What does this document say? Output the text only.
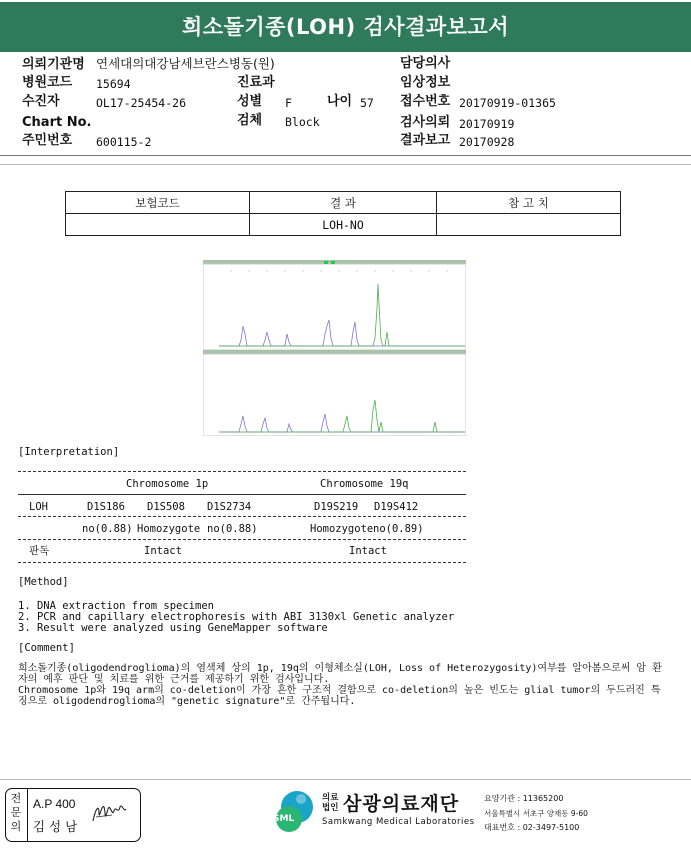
희소돌기종(LOH) 검사결과보고서
의뢰기관명 연세대의대강남세브란스병동(원)
병원코드 15694
수진자	OL17-25454-26
Chart No.
주민번호 600115-2
진료과
성별 F	나이 57
검체 Block
담당의사
임상정보
접수번호 20170919-01365
검사의뢰 20170919
결과보고 20170928
보험코드	결 과	참 고 치
	LOH-NO	
[Interpretation]
Chromosome 1p	Chromosome 19q
LOH	D1S186 D1S508 D1S2734	D19S219 D19S412
no(0.88) Homozygote no(0.88)	Homozygote no(0.89)
판독	Intact	Intact
[Method]
1. DNA extraction from specimen
2. PCR and capillary electrophoresis with ABI 3130xl Genetic analyzer
3. Result were analyzed using GeneMapper software
[Comment]
희소돌기종(oligodendroglioma)의 염색체 상의 1p, 19q의 이형체소실(LOH, Loss of Heterozygosity)여부를 알아봄으로써 암 환
자의 예후 판단 및 치료를 위한 근거를 제공하기 위한 검사입니다.
Chromosome 1p와 19q arm의 co-deletion이 가장 흔한 구조적 결함으로 co-deletion의 높은 빈도는 glial tumor의 두드러진 특
징으로 oligodendroglioma의 "genetic signature"로 간주됩니다.
전문의
A.P 400
김 성 남	SML
의료
법인 삼광의료재단
Samkwang Medical Laboratories
요양기관 : 11365200
서울특별시 서초구 양재동 9-60
대표번호 : 02-3497-5100
